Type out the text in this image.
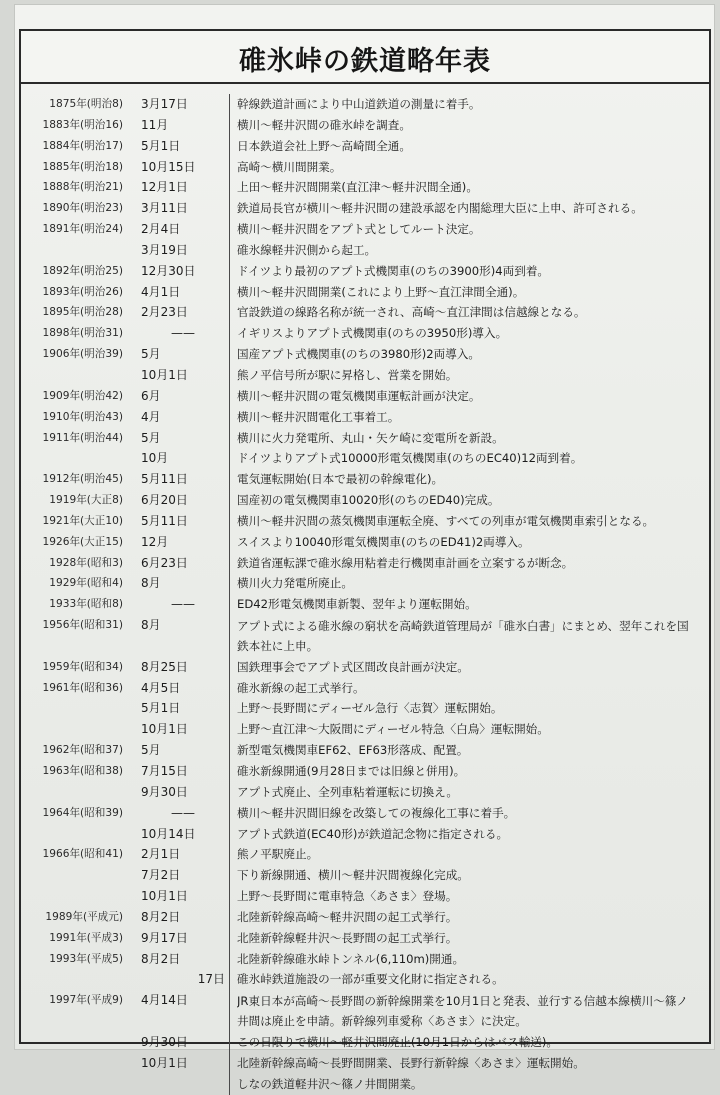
碓氷峠の鉄道略年表
1875年(明治8) 3月17日	幹線鉄道計画により中山道鉄道の測量に着手。
1883年(明治16) 11月	横川〜軽井沢間の碓氷峠を調査。
1884年(明治17) 5月1日	日本鉄道会社上野〜高崎間全通。
1885年(明治18) 10月15日	高崎〜横川間開業。
1888年(明治21) 12月1日	上田〜軽井沢間開業(直江津〜軽井沢間全通)。
1890年(明治23) 3月11日	鉄道局長官が横川〜軽井沢間の建設承認を内閣総理大臣に上申、許可される。
1891年(明治24) 2月4日	横川〜軽井沢間をアプト式としてルート決定。
3月19日	碓氷線軽井沢側から起工。
1892年(明治25) 12月30日	ドイツより最初のアプト式機関車(のちの3900形)4両到着。
1893年(明治26) 4月1日	横川〜軽井沢間開業(これにより上野〜直江津間全通)。
1895年(明治28) 2月23日	官設鉄道の線路名称が統一され、高崎〜直江津間は信越線となる。
1898年(明治31)	——	イギリスよりアプト式機関車(のちの3950形)導入。
1906年(明治39) 5月	国産アプト式機関車(のちの3980形)2両導入。
10月1日	熊ノ平信号所が駅に昇格し、営業を開始。
1909年(明治42) 6月	横川〜軽井沢間の電気機関車運転計画が決定。
1910年(明治43) 4月	横川〜軽井沢間電化工事着工。
1911年(明治44) 5月	横川に火力発電所、丸山・矢ケ崎に変電所を新設。
10月	ドイツよりアプト式10000形電気機関車(のちのEC40)12両到着。
1912年(明治45) 5月11日	電気運転開始(日本で最初の幹線電化)。
1919年(大正8) 6月20日	国産初の電気機関車10020形(のちのED40)完成。
1921年(大正10) 5月11日	横川〜軽井沢間の蒸気機関車運転全廃、すべての列車が電気機関車索引となる。
1926年(大正15) 12月	スイスより10040形電気機関車(のちのED41)2両導入。
1928年(昭和3) 6月23日	鉄道省運転課で碓氷線用粘着走行機関車計画を立案するが断念。
1929年(昭和4) 8月	横川火力発電所廃止。
1933年(昭和8)	——	ED42形電気機関車新製、翌年より運転開始。
1956年(昭和31) 8月	アプト式による碓氷線の窮状を高崎鉄道管理局が「碓氷白書」にまとめ、翌年これを国鉄本社に上申。
1959年(昭和34) 8月25日	国鉄理事会でアプト式区間改良計画が決定。
1961年(昭和36) 4月5日	碓氷新線の起工式挙行。
5月1日	上野〜長野間にディーゼル急行〈志賀〉運転開始。
10月1日	上野〜直江津〜大阪間にディーゼル特急〈白鳥〉運転開始。
1962年(昭和37) 5月	新型電気機関車EF62、EF63形落成、配置。
1963年(昭和38) 7月15日	碓氷新線開通(9月28日までは旧線と併用)。
9月30日	アプト式廃止、全列車粘着運転に切換え。
1964年(昭和39)	——	横川〜軽井沢間旧線を改築しての複線化工事に着手。
10月14日	アプト式鉄道(EC40形)が鉄道記念物に指定される。
1966年(昭和41) 2月1日	熊ノ平駅廃止。
7月2日	下り新線開通、横川〜軽井沢間複線化完成。
10月1日	上野〜長野間に電車特急〈あさま〉登場。
1989年(平成元) 8月2日	北陸新幹線高崎〜軽井沢間の起工式挙行。
1991年(平成3) 9月17日	北陸新幹線軽井沢〜長野間の起工式挙行。
1993年(平成5) 8月2日	北陸新幹線碓氷峠トンネル(6,110m)開通。
17日 碓氷峠鉄道施設の一部が重要文化財に指定される。
1997年(平成9) 4月14日	JR東日本が高崎〜長野間の新幹線開業を10月1日と発表、並行する信越本線横川〜篠ノ井間は廃止を申請。新幹線列車愛称〈あさま〉に決定。
9月30日	この日限りで横川〜軽井沢間廃止(10月1日からはバス輸送)。
10月1日	北陸新幹線高崎〜長野間開業、長野行新幹線〈あさま〉運転開始。
しなの鉄道軽井沢〜篠ノ井間開業。
